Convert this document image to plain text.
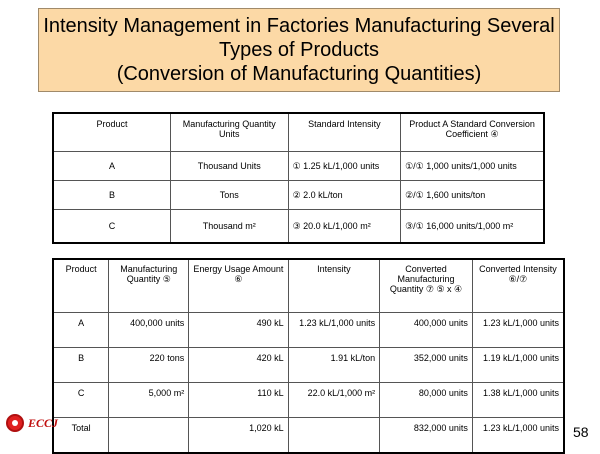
Intensity Management in Factories Manufacturing Several
Types of Products
(Conversion of Manufacturing Quantities)
Product	Manufacturing Quantity Units	Standard Intensity	Product A Standard Conversion Coefficient ④
A	Thousand Units	① 1.25 kL/1,000 units	①/① 1,000 units/1,000 units
B	Tons	② 2.0 kL/ton	②/① 1,600 units/ton
C	Thousand m²	③ 20.0 kL/1,000 m²	③/① 16,000 units/1,000 m²
Product	Manufacturing Quantity ⑤	Energy Usage Amount ⑥	Intensity	Converted Manufacturing Quantity ⑦ ⑤ x ④	Converted Intensity ⑥/⑦
A	400,000 units	490 kL	1.23 kL/1,000 units	400,000 units	1.23 kL/1,000 units
B	220 tons	420 kL	1.91 kL/ton	352,000 units	1.19 kL/1,000 units
C	5,000 m²	110 kL	22.0 kL/1,000 m²	80,000 units	1.38 kL/1,000 units
Total		1,020 kL		832,000 units	1.23 kL/1,000 units
ECCJ
58
